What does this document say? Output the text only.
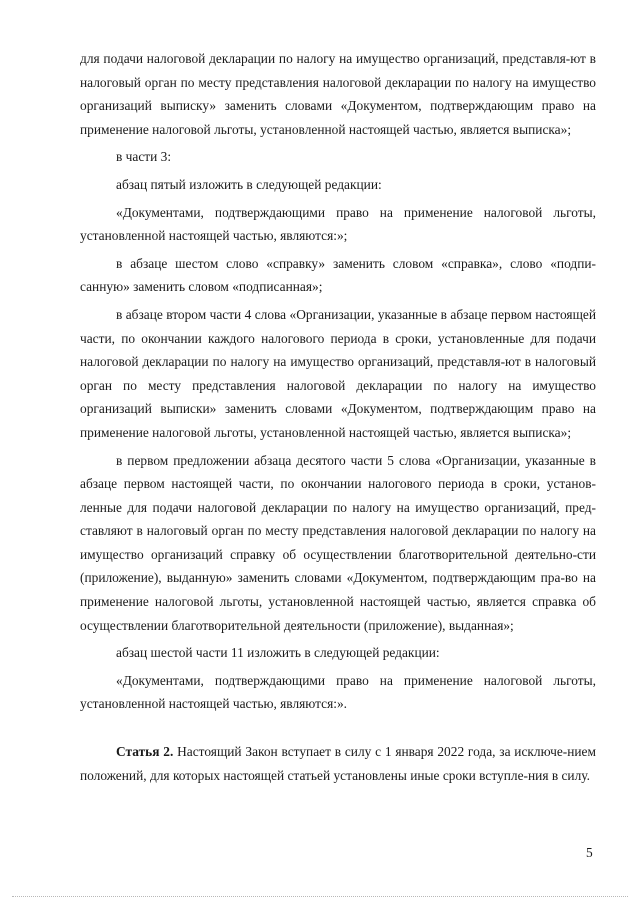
для подачи налоговой декларации по налогу на имущество организаций, представля-ют в налоговый орган по месту представления налоговой декларации по налогу на имущество организаций выписку» заменить словами «Документом, подтверждающим право на применение налоговой льготы, установленной настоящей частью, является выписка»;

в части 3:

абзац пятый изложить в следующей редакции:

«Документами, подтверждающими право на применение налоговой льготы, установленной настоящей частью, являются:»;

в абзаце шестом слово «справку» заменить словом «справка», слово «подпи-санную» заменить словом «подписанная»;

в абзаце втором части 4 слова «Организации, указанные в абзаце первом настоящей части, по окончании каждого налогового периода в сроки, установленные для подачи налоговой декларации по налогу на имущество организаций, представля-ют в налоговый орган по месту представления налоговой декларации по налогу на имущество организаций выписки» заменить словами «Документом, подтверждающим право на применение налоговой льготы, установленной настоящей частью, является выписка»;

в первом предложении абзаца десятого части 5 слова «Организации, указанные в абзаце первом настоящей части, по окончании налогового периода в сроки, установ-ленные для подачи налоговой декларации по налогу на имущество организаций, пред-ставляют в налоговый орган по месту представления налоговой декларации по налогу на имущество организаций справку об осуществлении благотворительной деятельно-сти (приложение), выданную» заменить словами «Документом, подтверждающим пра-во на применение налоговой льготы, установленной настоящей частью, является справка об осуществлении благотворительной деятельности (приложение), выданная»;

абзац шестой части 11 изложить в следующей редакции:

«Документами, подтверждающими право на применение налоговой льготы, установленной настоящей частью, являются:».

Статья 2. Настоящий Закон вступает в силу с 1 января 2022 года, за исключе-нием положений, для которых настоящей статьей установлены иные сроки вступле-ния в силу.

5
